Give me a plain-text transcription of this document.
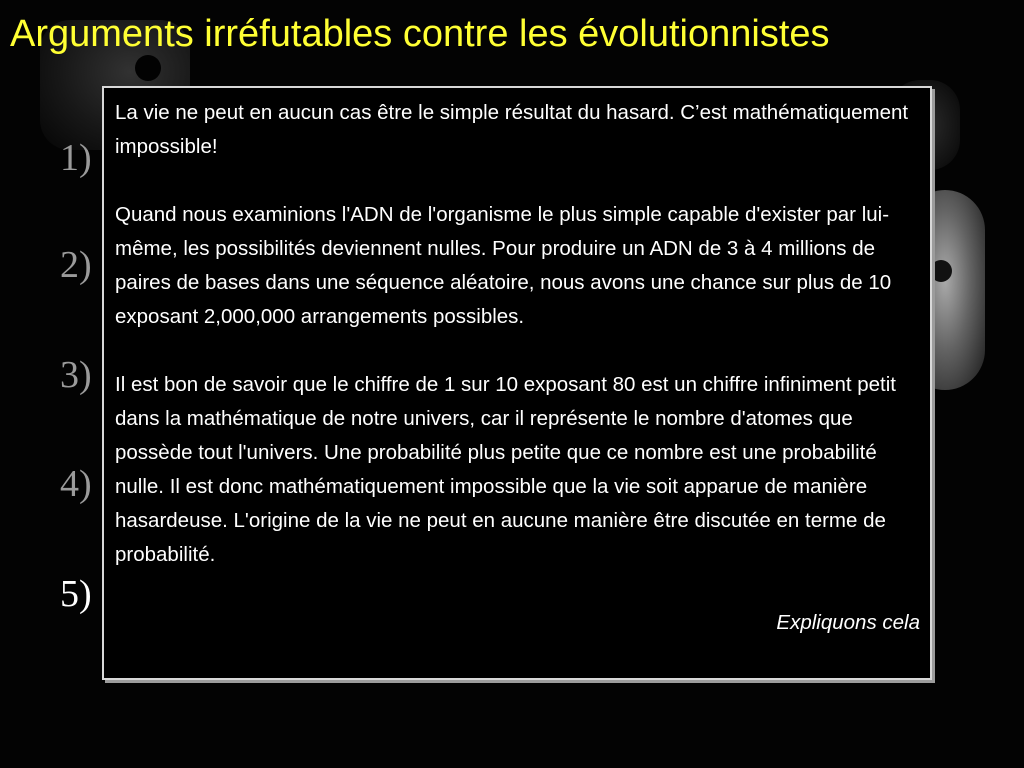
Arguments irréfutables contre les évolutionnistes
1)
2)
3)
4)
5)

La vie ne peut en aucun cas être le simple résultat du hasard. C’est mathématiquement impossible!

Quand nous examinions l'ADN de l'organisme le plus simple capable d'exister par lui-même, les possibilités deviennent nulles. Pour produire un ADN de 3 à 4 millions de paires de bases dans une séquence aléatoire, nous avons une chance sur plus de 10 exposant 2,000,000 arrangements possibles.

Il est bon de savoir que le chiffre de 1 sur 10 exposant 80 est un chiffre infiniment petit dans la mathématique de notre univers, car il représente le nombre d'atomes que possède tout l'univers. Une probabilité plus petite que ce nombre est une probabilité nulle. Il est donc mathématiquement impossible que la vie soit apparue de manière hasardeuse. L'origine de la vie ne peut en aucune manière être discutée en terme de probabilité.

Expliquons cela
